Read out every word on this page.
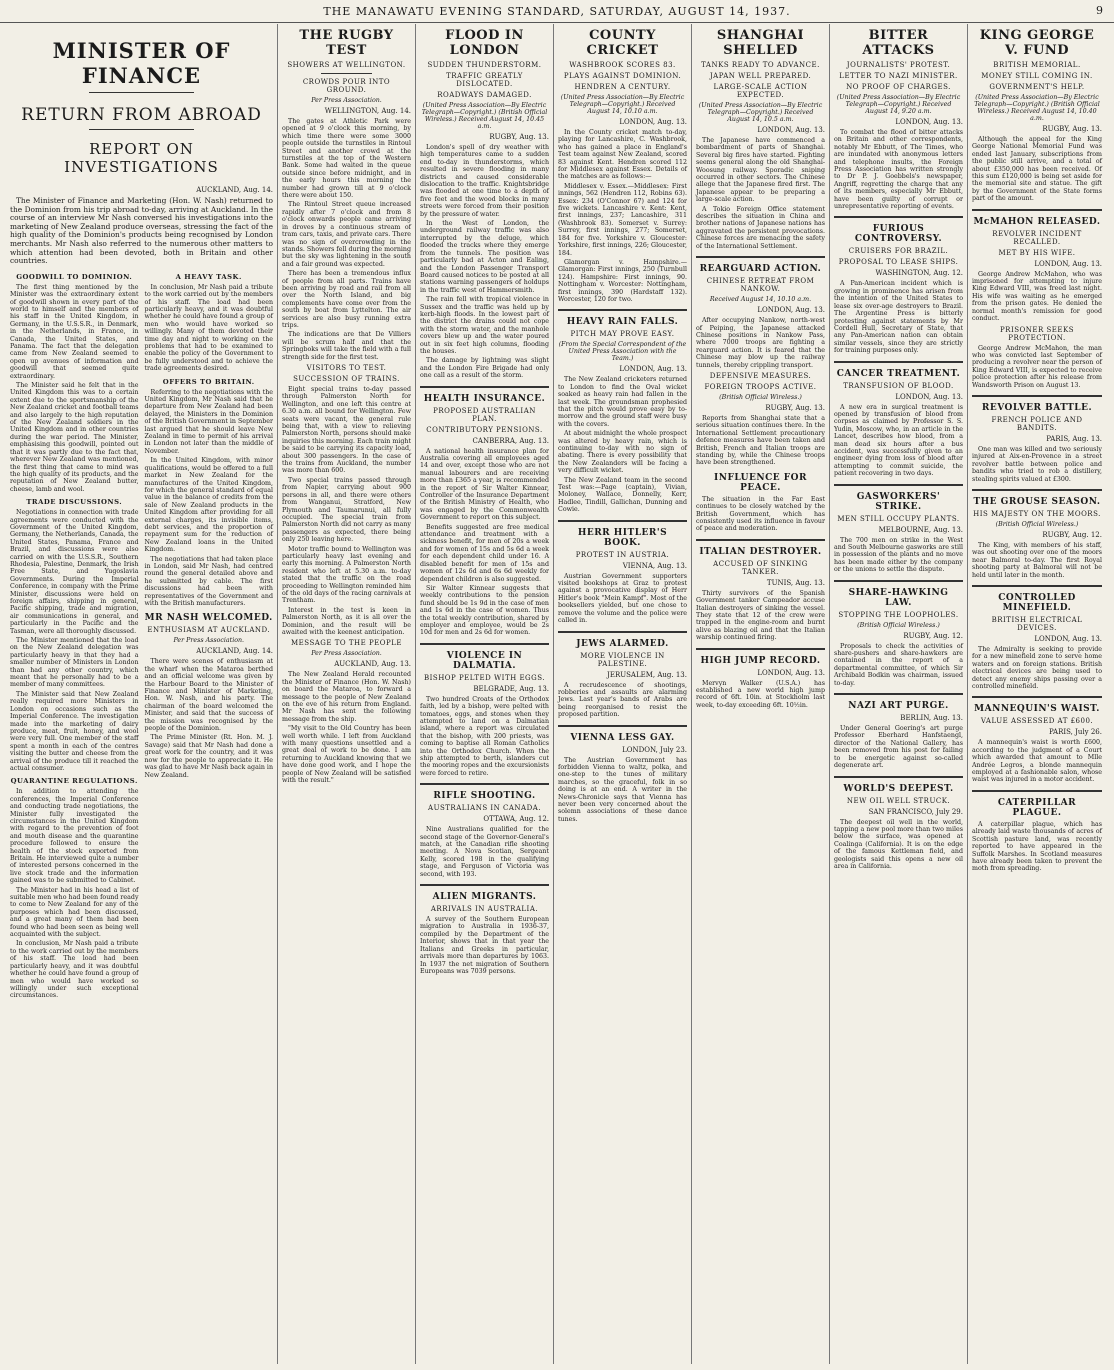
THE MANAWATU EVENING STANDARD, SATURDAY, AUGUST 14, 1937.	9
MINISTER OF FINANCE
RETURN FROM ABROAD
REPORT ON INVESTIGATIONS
AUCKLAND, Aug. 14.

The Minister of Finance and Marketing (Hon. W. Nash) returned to the Dominion from his trip abroad to-day, arriving at Auckland. In the course of an interview Mr Nash conversed his investigations into the marketing of New Zealand produce overseas, stressing the fact of the high quality of the Dominion's products being recognised by London merchants. Mr Nash also referred to the numerous other matters to which attention had been devoted, both in Britain and other countries.

GOODWILL TO DOMINION.

The first thing mentioned by the Minister was the extraordinary extent of goodwill shown in every part of the world to himself and the members of his staff in the United Kingdom, in Germany, in the U.S.S.R., in Denmark, in the Netherlands, in France, in Canada, the United States, and Panama. The fact that the delegation came from New Zealand seemed to open up avenues of information and goodwill that seemed quite extraordinary.

The Minister said he felt that in the United Kingdom this was to a certain extent due to the sportsmanship of the New Zealand cricket and football teams and also largely to the high reputation of the New Zealand soldiers in the United Kingdom and in other countries during the war period. The Minister, emphasising this goodwill, pointed out that it was partly due to the fact that, wherever New Zealand was mentioned, the first thing that came to mind was the high quality of its products, and the reputation of New Zealand butter, cheese, lamb and wool.

TRADE DISCUSSIONS.

Negotiations in connection with trade agreements were conducted with the Government of the United Kingdom, Germany, the Netherlands, Canada, the United States, Panama, France and Brazil, and discussions were also carried on with the U.S.S.R., Southern Rhodesia, Palestine, Denmark, the Irish Free State, and Yugoslavia Governments. During the Imperial Conference, in company with the Prime Minister, discussions were held on foreign affairs, shipping in general, Pacific shipping, trade and migration, air communications in general, and particularly in the Pacific and the Tasman, were all thoroughly discussed.

The Minister mentioned that the load on the New Zealand delegation was particularly heavy in that they had a smaller number of Ministers in London than had any other country, which meant that he personally had to be a member of many committees.

The Minister said that New Zealand really required more Ministers in London on occasions such as the Imperial Conference. The investigation made into the marketing of dairy produce, meat, fruit, honey, and wool were very full. One member of the staff spent a month in each of the centres visiting the butter and cheese from the arrival of the produce till it reached the actual consumer.

QUARANTINE REGULATIONS.

In addition to attending the conferences, the Imperial Conference and conducting trade negotiations, the Minister fully investigated the circumstances in the United Kingdom with regard to the prevention of foot and mouth disease and the quarantine procedure followed to ensure the health of the stock exported from Britain. He interviewed quite a number of interested persons concerned in the live stock trade and the information gained was to be submitted to Cabinet.

The Minister had in his head a list of suitable men who had been found ready to come to New Zealand for any of the purposes which had been discussed, and a great many of them had been found who had been seen as being well acquainted with the subject.

In conclusion, Mr Nash paid a tribute to the work carried out by the members of his staff. The load had been particularly heavy, and it was doubtful whether he could have found a group of men who would have worked so willingly under such exceptional circumstances.

A HEAVY TASK.

In conclusion, Mr Nash paid a tribute to the work carried out by the members of his staff. The load had been particularly heavy, and it was doubtful whether he could have found a group of men who would have worked so willingly. Many of them devoted their time day and night to working on the problems that had to be examined to enable the policy of the Government to be fully understood and to achieve the trade agreements desired.

OFFERS TO BRITAIN.

Referring to the negotiations with the United Kingdom, Mr Nash said that he departure from New Zealand had been delayed, the Ministers in the Dominion of the British Government in September last argued that he should leave New Zealand in time to permit of his arrival in London not later than the middle of November.

In the United Kingdom, with minor qualifications, would be offered to a full market in New Zealand for the manufactures of the United Kingdom, for which the general standard of equal value in the balance of credits from the sale of New Zealand products in the United Kingdom after providing for all external charges, its invisible items, debt services, and the proportion of repayment sum for the reduction of New Zealand loans in the United Kingdom.

The negotiations that had taken place in London, said Mr Nash, had centred round the general detailed above and he submitted by cable. The first discussions had been with representatives of the Government and with the British manufacturers.

MR NASH WELCOMED.
ENTHUSIASM AT AUCKLAND.
Per Press Association.
AUCKLAND, Aug. 14.

There were scenes of enthusiasm at the wharf when the Mataroa berthed and an official welcome was given by the Harbour Board to the Minister of Finance and Minister of Marketing, Hon. W. Nash, and his party. The chairman of the board welcomed the Minister, and said that the success of the mission was recognised by the people of the Dominion.

The Prime Minister (Rt. Hon. M. J. Savage) said that Mr Nash had done a great work for the country, and it was now for the people to appreciate it. He was glad to have Mr Nash back again in New Zealand.

THE RUGBY TEST
SHOWERS AT WELLINGTON.
CROWDS POUR INTO GROUND.
Per Press Association.
WELLINGTON, Aug. 14.

The gates at Athletic Park were opened at 9 o'clock this morning, by which time there were some 3000 people outside the turnstiles in Rintoul Street and another crowd at the turnstiles at the top of the Western Bank. Some had waited in the queue outside since before midnight, and in the early hours this morning the number had grown till at 9 o'clock there were about 150.

The Rintoul Street queue increased rapidly after 7 o'clock and from 8 o'clock onwards people came arriving in droves by a continuous stream of tram cars, taxis, and private cars. There was no sign of overcrowding in the stands. Showers fell during the morning but the sky was lightening in the south and a fair ground was expected.

There has been a tremendous influx of people from all parts. Trains have been arriving by road and rail from all over the North Island, and big complements have come over from the south by boat from Lyttelton. The air services are also busy running extra trips.

The indications are that De Villiers will be scrum half and that the Springboks will take the field with a full strength side for the first test.

VISITORS TO TEST.
SUCCESSION OF TRAINS.

Eight special trains to-day passed through Palmerston North for Wellington, and one left this centre at 6.30 a.m. all bound for Wellington. Few seats were vacant, the general rule being that, with a view to relieving Palmerston North, persons should make inquiries this morning. Each train might be said to be carrying its capacity load, about 300 passengers. In the case of the trains from Auckland, the number was more than 600.

Two special trains passed through from Napier, carrying about 900 persons in all, and there were others from Wanganui, Stratford, New Plymouth and Taumarunui, all fully occupied. The special train from Palmerston North did not carry as many passengers as expected, there being only 250 leaving here.

Motor traffic bound to Wellington was particularly heavy last evening and early this morning. A Palmerston North resident who left at 5.30 a.m. to-day stated that the traffic on the road proceeding to Wellington reminded him of the old days of the racing carnivals at Trentham.

Interest in the test is keen in Palmerston North, as it is all over the Dominion, and the result will be awaited with the keenest anticipation.

MESSAGE TO THE PEOPLE
Per Press Association.
AUCKLAND, Aug. 13.

The New Zealand Herald recounted the Minister of Finance (Hon. W. Nash) on board the Mataroa, to forward a message to the people of New Zealand on the eve of his return from England. Mr Nash has sent the following message from the ship.

"My visit to the Old Country has been well worth while. I left from Auckland with many questions unsettled and a great deal of work to be done. I am returning to Auckland knowing that we have done good work, and I hope the people of New Zealand will be satisfied with the result."

FLOOD IN LONDON
SUDDEN THUNDERSTORM.
TRAFFIC GREATLY DISLOCATED.
ROADWAYS DAMAGED.
(United Press Association—By Electric Telegraph—Copyright.) (British Official Wireless.) Received August 14, 10.45 a.m.
RUGBY, Aug. 13.

London's spell of dry weather with high temperatures came to a sudden end to-day in thunderstorms, which resulted in severe flooding in many districts and caused considerable dislocation to the traffic. Knightsbridge was flooded at one time to a depth of five feet and the wood blocks in many streets were forced from their position by the pressure of water.

In the West of London, the underground railway traffic was also interrupted by the deluge, which flooded the tracks where they emerge from the tunnels. The position was particularly bad at Acton and Ealing, and the London Passenger Transport Board caused notices to be posted at all stations warning passengers of holdups in the traffic west of Hammersmith.

The rain fell with tropical violence in Sussex and the traffic was held up by kerb-high floods. In the lowest part of the district the drains could not cope with the storm water, and the manhole covers blew up and the water poured out in six feet high columns, flooding the houses.

The damage by lightning was slight and the London Fire Brigade had only one call as a result of the storm.

HEALTH INSURANCE.
PROPOSED AUSTRALIAN PLAN.
CONTRIBUTORY PENSIONS.
CANBERRA, Aug. 13.

A national health insurance plan for Australia covering all employees aged 14 and over, except those who are not manual labourers and are receiving more than £365 a year, is recommended in the report of Sir Walter Kinnear, Controller of the Insurance Department of the British Ministry of Health, who was engaged by the Commonwealth Government to report on this subject.

Benefits suggested are free medical attendance and treatment with a sickness benefit, for men of 20s a week and for women of 15s and 5s 6d a week for each dependent child under 16. A disabled benefit for men of 15s and women of 12s 6d and 6s 6d weekly for dependent children is also suggested.

Sir Walter Kinnear suggests that weekly contributions to the pension fund should be 1s 9d in the case of men and 1s 6d in the case of women. Thus the total weekly contribution, shared by employer and employee, would be 2s 10d for men and 2s 6d for women.

VIOLENCE IN DALMATIA.
BISHOP PELTED WITH EGGS.
BELGRADE, Aug. 13.

Two hundred Croats of the Orthodox faith, led by a bishop, were pelted with tomatoes, eggs, and stones when they attempted to land on a Dalmatian island, where a report was circulated that the bishop, with 200 priests, was coming to baptise all Roman Catholics into the Orthodox Church. When the ship attempted to berth, islanders cut the mooring ropes and the excursionists were forced to retire.

RIFLE SHOOTING.
AUSTRALIANS IN CANADA.
OTTAWA, Aug. 12.

Nine Australians qualified for the second stage of the Governor-General's match, at the Canadian rifle shooting meeting. A Nova Scotian, Sergeant Kelly, scored 198 in the qualifying stage, and Ferguson of Victoria was second, with 193.

ALIEN MIGRANTS.
ARRIVALS IN AUSTRALIA.

A survey of the Southern European migration to Australia in 1936-37, compiled by the Department of the Interior, shows that in that year the Italians and Greeks in particular, arrivals more than departures by 1063. In 1937 the net migration of Southern Europeans was 7039 persons.

COUNTY CRICKET
WASHBROOK SCORES 83.
PLAYS AGAINST DOMINION.
HENDREN A CENTURY.
(United Press Association—By Electric Telegraph—Copyright.) Received August 14, 10.10 a.m.
LONDON, Aug. 13.

In the County cricket match to-day, playing for Lancashire, C. Washbrook, who has gained a place in England's Test team against New Zealand, scored 83 against Kent. Hendren scored 112 for Middlesex against Essex. Details of the matches are as follows:—

Middlesex v. Essex.—Middlesex: First innings, 562 (Hendren 112, Robins 63). Essex: 234 (O'Connor 67) and 124 for five wickets. Lancashire v. Kent: Kent, first innings, 237; Lancashire, 311 (Washbrook 83). Somerset v. Surrey: Surrey, first innings, 277; Somerset, 184 for five. Yorkshire v. Gloucester: Yorkshire, first innings, 226; Gloucester, 184.

Glamorgan v. Hampshire.—Glamorgan: First innings, 250 (Turnbull 124). Hampshire: First innings, 90. Nottingham v. Worcester: Nottingham, first innings, 390 (Hardstaff 132). Worcester, 120 for two.

HEAVY RAIN FALLS.
PITCH MAY PROVE EASY.
(From the Special Correspondent of the United Press Association with the Team.)
LONDON, Aug. 13.

The New Zealand cricketers returned to London to find the Oval wicket soaked as heavy rain had fallen in the last week. The groundsman prophesied that the pitch would prove easy by to-morrow and the ground staff were busy with the covers.

At about midnight the whole prospect was altered by heavy rain, which is continuing to-day with no sign of abating. There is every possibility that the New Zealanders will be facing a very difficult wicket.

The New Zealand team in the second Test was:—Page (captain), Vivian, Moloney, Wallace, Donnelly, Kerr, Hadlee, Tindill, Gallichan, Dunning and Cowie.

HERR HITLER'S BOOK.
PROTEST IN AUSTRIA.
VIENNA, Aug. 13.

Austrian Government supporters visited bookshops at Graz to protest against a provocative display of Herr Hitler's book "Mein Kampf". Most of the booksellers yielded, but one chose to remove the volume and the police were called in.

JEWS ALARMED.
MORE VIOLENCE IN PALESTINE.
JERUSALEM, Aug. 13.

A recrudescence of shootings, robberies and assaults are alarming Jews. Last year's bands of Arabs are being reorganised to resist the proposed partition.

VIENNA LESS GAY.
LONDON, July 23.

The Austrian Government has forbidden Vienna to waltz, polka, and one-step to the tunes of military marches, so the graceful, folk in so doing is at an end. A writer in the News-Chronicle says that Vienna has never been very concerned about the solemn associations of these dance tunes.

SHANGHAI SHELLED
TANKS READY TO ADVANCE.
JAPAN WELL PREPARED.
LARGE-SCALE ACTION EXPECTED.
(United Press Association—By Electric Telegraph—Copyright.) Received August 14, 10.5 a.m.
LONDON, Aug. 13.

The Japanese have commenced a bombardment of parts of Shanghai. Several big fires have started. Fighting seems general along the old Shanghai-Woosung railway. Sporadic sniping occurred in other sectors. The Chinese allege that the Japanese fired first. The Japanese appear to be preparing a large-scale action.

A Tokio Foreign Office statement describes the situation in China and brother nations of Japanese nations has aggravated the persistent provocations. Chinese forces are menacing the safety of the International Settlement.

REARGUARD ACTION.
CHINESE RETREAT FROM NANKOW.
Received August 14, 10.10 a.m.
LONDON, Aug. 13.

After occupying Nankow, north-west of Peiping, the Japanese attacked Chinese positions in Nankow Pass, where 7000 troops are fighting a rearguard action. It is feared that the Chinese may blow up the railway tunnels, thereby crippling transport.

DEFENSIVE MEASURES.
FOREIGN TROOPS ACTIVE.
(British Official Wireless.)
RUGBY, Aug. 13.

Reports from Shanghai state that a serious situation continues there. In the International Settlement precautionary defence measures have been taken and British, French and Italian troops are standing by, while the Chinese troops have been strengthened.

INFLUENCE FOR PEACE.

The situation in the Far East continues to be closely watched by the British Government, which has consistently used its influence in favour of peace and moderation.

ITALIAN DESTROYER.
ACCUSED OF SINKING TANKER.
TUNIS, Aug. 13.

Thirty survivors of the Spanish Government tanker Campeador accuse Italian destroyers of sinking the vessel. They state that 12 of the crew were trapped in the engine-room and burnt alive as blazing oil and that the Italian warship continued firing.

HIGH JUMP RECORD.
LONDON, Aug. 13.

Mervyn Walker (U.S.A.) has established a new world high jump record of 6ft. 10in. at Stockholm last week, to-day exceeding 6ft. 10½in.

BITTER ATTACKS
JOURNALISTS' PROTEST.
LETTER TO NAZI MINISTER.
NO PROOF OF CHARGES.
(United Press Association—By Electric Telegraph—Copyright.) Received August 14, 9.20 a.m.
LONDON, Aug. 13.

To combat the flood of bitter attacks on Britain and other correspondents, notably Mr Ebbutt, of The Times, who are inundated with anonymous letters and telephone insults, the Foreign Press Association has written strongly to Dr P. J. Goebbels's newspaper, Angriff, regretting the charge that any of its members, especially Mr Ebbutt, have been guilty of corrupt or unrepresentative reporting of events.

FURIOUS CONTROVERSY.
CRUISERS FOR BRAZIL.
PROPOSAL TO LEASE SHIPS.
WASHINGTON, Aug. 12.

A Pan-American incident which is growing in prominence has arisen from the intention of the United States to lease six over-age destroyers to Brazil. The Argentine Press is bitterly protesting against statements by Mr Cordell Hull, Secretary of State, that any Pan-American nation can obtain similar vessels, since they are strictly for training purposes only.

CANCER TREATMENT.
TRANSFUSION OF BLOOD.
LONDON, Aug. 13.

A new era in surgical treatment is opened by transfusion of blood from corpses as claimed by Professor S. S. Yudin, Moscow, who, in an article in the Lancet, describes how blood, from a man dead six hours after a bus accident, was successfully given to an engineer dying from loss of blood after attempting to commit suicide, the patient recovering in two days.

GASWORKERS' STRIKE.
MEN STILL OCCUPY PLANTS.
MELBOURNE, Aug. 13.

The 700 men on strike in the West and South Melbourne gasworks are still in possession of the plants and no move has been made either by the company or the unions to settle the dispute.

SHARE-HAWKING LAW.
STOPPING THE LOOPHOLES.
(British Official Wireless.)
RUGBY, Aug. 12.

Proposals to check the activities of share-pushers and share-hawkers are contained in the report of a departmental committee, of which Sir Archibald Bodkin was chairman, issued to-day.

NAZI ART PURGE.
BERLIN, Aug. 13.

Under General Goering's art purge Professor Eberhard Hanfstaengl, director of the National Gallery, has been removed from his post for failing to be energetic against so-called degenerate art.

WORLD'S DEEPEST.
NEW OIL WELL STRUCK.
SAN FRANCISCO, July 29.

The deepest oil well in the world, tapping a new pool more than two miles below the surface, was opened at Coalinga (California). It is on the edge of the famous Kettleman field, and geologists said this opens a new oil area in California.

KING GEORGE V. FUND
BRITISH MEMORIAL.
MONEY STILL COMING IN.
GOVERNMENT'S HELP.
(United Press Association—By Electric Telegraph—Copyright.) (British Official Wireless.) Received August 14, 10.40 a.m.
RUGBY, Aug. 13.

Although the appeal for the King George National Memorial Fund was ended last January, subscriptions from the public still arrive, and a total of about £350,000 has been received. Of this sum £120,000 is being set aside for the memorial site and statue. The gift by the Government of the State forms part of the amount.

McMAHON RELEASED.
REVOLVER INCIDENT RECALLED.
MET BY HIS WIFE.
LONDON, Aug. 13.

George Andrew McMahon, who was imprisoned for attempting to injure King Edward VIII, was freed last night. His wife was waiting as he emerged from the prison gates. He denied the normal month's remission for good conduct.

PRISONER SEEKS PROTECTION.

George Andrew McMahon, the man who was convicted last September of producing a revolver near the person of King Edward VIII, is expected to receive police protection after his release from Wandsworth Prison on August 13.

REVOLVER BATTLE.
FRENCH POLICE AND BANDITS.
PARIS, Aug. 13.

One man was killed and two seriously injured at Aix-en-Provence in a street revolver battle between police and bandits who tried to rob a distillery, stealing spirits valued at £300.

THE GROUSE SEASON.
HIS MAJESTY ON THE MOORS.
(British Official Wireless.)
RUGBY, Aug. 12.

The King, with members of his staff, was out shooting over one of the moors near Balmoral to-day. The first Royal shooting party at Balmoral will not be held until later in the month.

CONTROLLED MINEFIELD.
BRITISH ELECTRICAL DEVICES.
LONDON, Aug. 13.

The Admiralty is seeking to provide for a new minefield zone to serve home waters and on foreign stations. British electrical devices are being used to detect any enemy ships passing over a controlled minefield.

MANNEQUIN'S WAIST.
VALUE ASSESSED AT £600.
PARIS, July 26.

A mannequin's waist is worth £600, according to the judgment of a Court which awarded that amount to Mlle Andrée Legros, a blonde mannequin employed at a fashionable salon, whose waist was injured in a motor accident.

CATERPILLAR PLAGUE.

A caterpillar plague, which has already laid waste thousands of acres of Scottish pasture land, was recently reported to have appeared in the Suffolk Marshes. In Scotland measures have already been taken to prevent the moth from spreading.
